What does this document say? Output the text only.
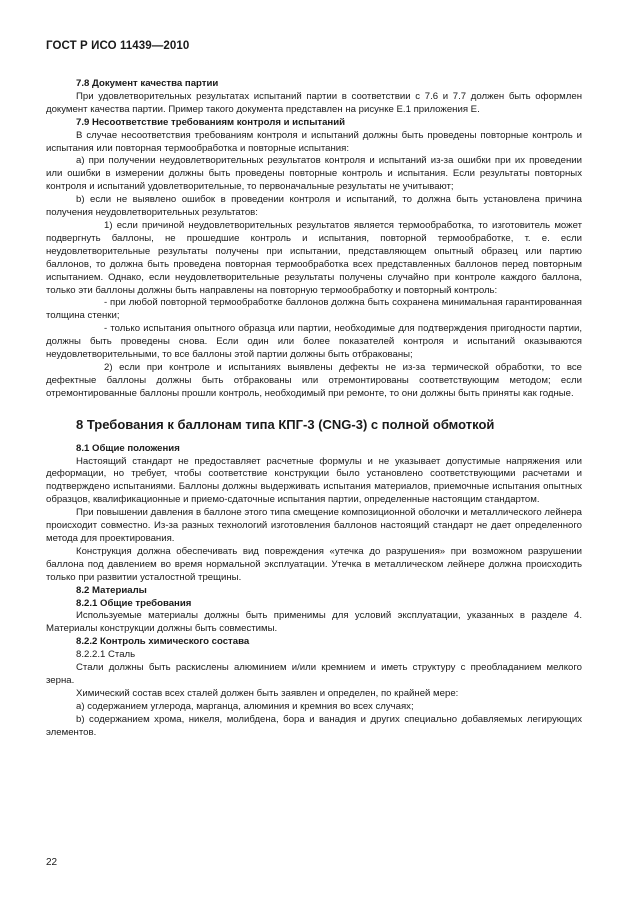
ГОСТ Р ИСО 11439—2010

7.8 Документ качества партии

При удовлетворительных результатах испытаний партии в соответствии с 7.6 и 7.7 должен быть оформлен документ качества партии. Пример такого документа представлен на рисунке Е.1 приложения Е.

7.9 Несоответствие требованиям контроля и испытаний

В случае несоответствия требованиям контроля и испытаний должны быть проведены повторные контроль и испытания или повторная термообработка и повторные испытания:

а) при получении неудовлетворительных результатов контроля и испытаний из-за ошибки при их проведении или ошибки в измерении должны быть проведены повторные контроль и испытания. Если результаты повторных контроля и испытаний удовлетворительные, то первоначальные результаты не учитывают;

b) если не выявлено ошибок в проведении контроля и испытаний, то должна быть установлена причина получения неудовлетворительных результатов:

1) если причиной неудовлетворительных результатов является термообработка, то изготовитель может подвергнуть баллоны, не прошедшие контроль и испытания, повторной термообработке, т. е. если неудовлетворительные результаты получены при испытании, представляющем опытный образец или партию баллонов, то должна быть проведена повторная термообработка всех представленных баллонов перед повторным испытанием. Однако, если неудовлетворительные результаты получены случайно при контроле каждого баллона, только эти баллоны должны быть направлены на повторную термообработку и повторный контроль:

- при любой повторной термообработке баллонов должна быть сохранена минимальная гарантированная толщина стенки;

- только испытания опытного образца или партии, необходимые для подтверждения пригодности партии, должны быть проведены снова. Если один или более показателей контроля и испытаний оказываются неудовлетворительными, то все баллоны этой партии должны быть отбракованы;

2) если при контроле и испытаниях выявлены дефекты не из-за термической обработки, то все дефектные баллоны должны быть отбракованы или отремонтированы соответствующим методом; если отремонтированные баллоны прошли контроль, необходимый при ремонте, то они должны быть приняты как годные.

8 Требования к баллонам типа КПГ-3 (CNG-3) с полной обмоткой

8.1 Общие положения

Настоящий стандарт не предоставляет расчетные формулы и не указывает допустимые напряжения или деформации, но требует, чтобы соответствие конструкции было установлено соответствующими расчетами и подтверждено испытаниями. Баллоны должны выдерживать испытания материалов, приемочные испытания опытных образцов, квалификационные и приемо-сдаточные испытания партии, определенные настоящим стандартом.

При повышении давления в баллоне этого типа смещение композиционной оболочки и металлического лейнера происходит совместно. Из-за разных технологий изготовления баллонов настоящий стандарт не дает определенного метода для проектирования.

Конструкция должна обеспечивать вид повреждения «утечка до разрушения» при возможном разрушении баллона под давлением во время нормальной эксплуатации. Утечка в металлическом лейнере должна происходить только при развитии усталостной трещины.

8.2 Материалы

8.2.1 Общие требования

Используемые материалы должны быть применимы для условий эксплуатации, указанных в разделе 4. Материалы конструкции должны быть совместимы.

8.2.2 Контроль химического состава

8.2.2.1 Сталь

Стали должны быть раскислены алюминием и/или кремнием и иметь структуру с преобладанием мелкого зерна.

Химический состав всех сталей должен быть заявлен и определен, по крайней мере:

а) содержанием углерода, марганца, алюминия и кремния во всех случаях;

b) содержанием хрома, никеля, молибдена, бора и ванадия и других специально добавляемых легирующих элементов.

22
